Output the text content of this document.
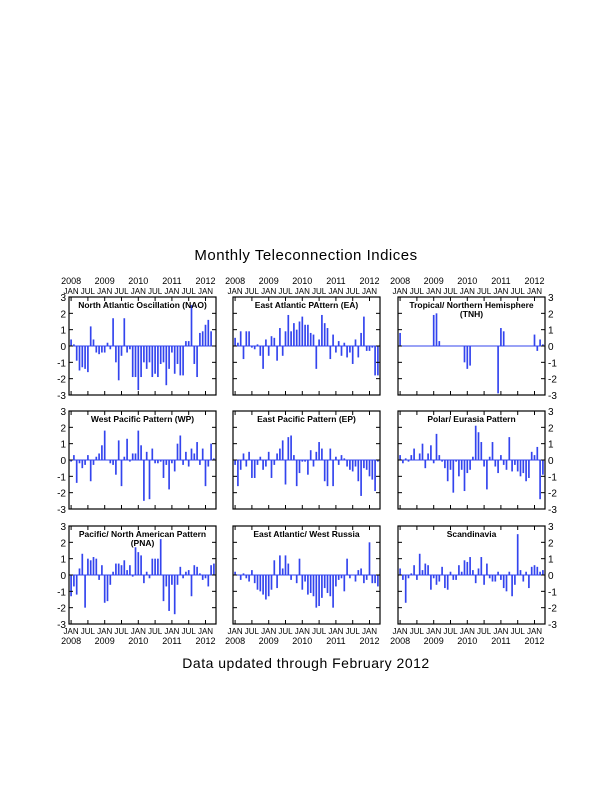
Monthly Teleconnection Indices
-3
-2
-1
0
1
2
3
JAN JUL JAN JUL JAN JUL JAN JUL JAN
2008 2009 2010 2011 2012
North Atlantic Oscillation (NAO)
JAN JUL JAN JUL JAN JUL JAN JUL JAN
2008 2009 2010 2011 2012
East Atlantic PAttern (EA)
-3
-2
-1
0
1
2
3
JAN JUL JAN JUL JAN JUL JAN JUL JAN
2008 2009 2010 2011 2012
Tropical/ Northern Hemisphere
(TNH)
-3
-2
-1
0
1
2
3
West Pacific Pattern (WP)	East Pacific Pattern (EP)
-3
-2
-1
0
1
2
3
Polar/ Eurasia Pattern
-3
-2
-1
0
1
2
3
JAN JUL JAN JUL JAN JUL JAN JUL JAN
2008 2009 2010 2011 2012
Pacific/ North American Pattern
(PNA)
JAN JUL JAN JUL JAN JUL JAN JUL JAN
2008 2009 2010 2011 2012
East Atlantic/ West Russia
-3
-2
-1
0
1
2
3
JAN JUL JAN JUL JAN JUL JAN JUL JAN
2008 2009 2010 2011 2012
Scandinavia
Data updated through February 2012
